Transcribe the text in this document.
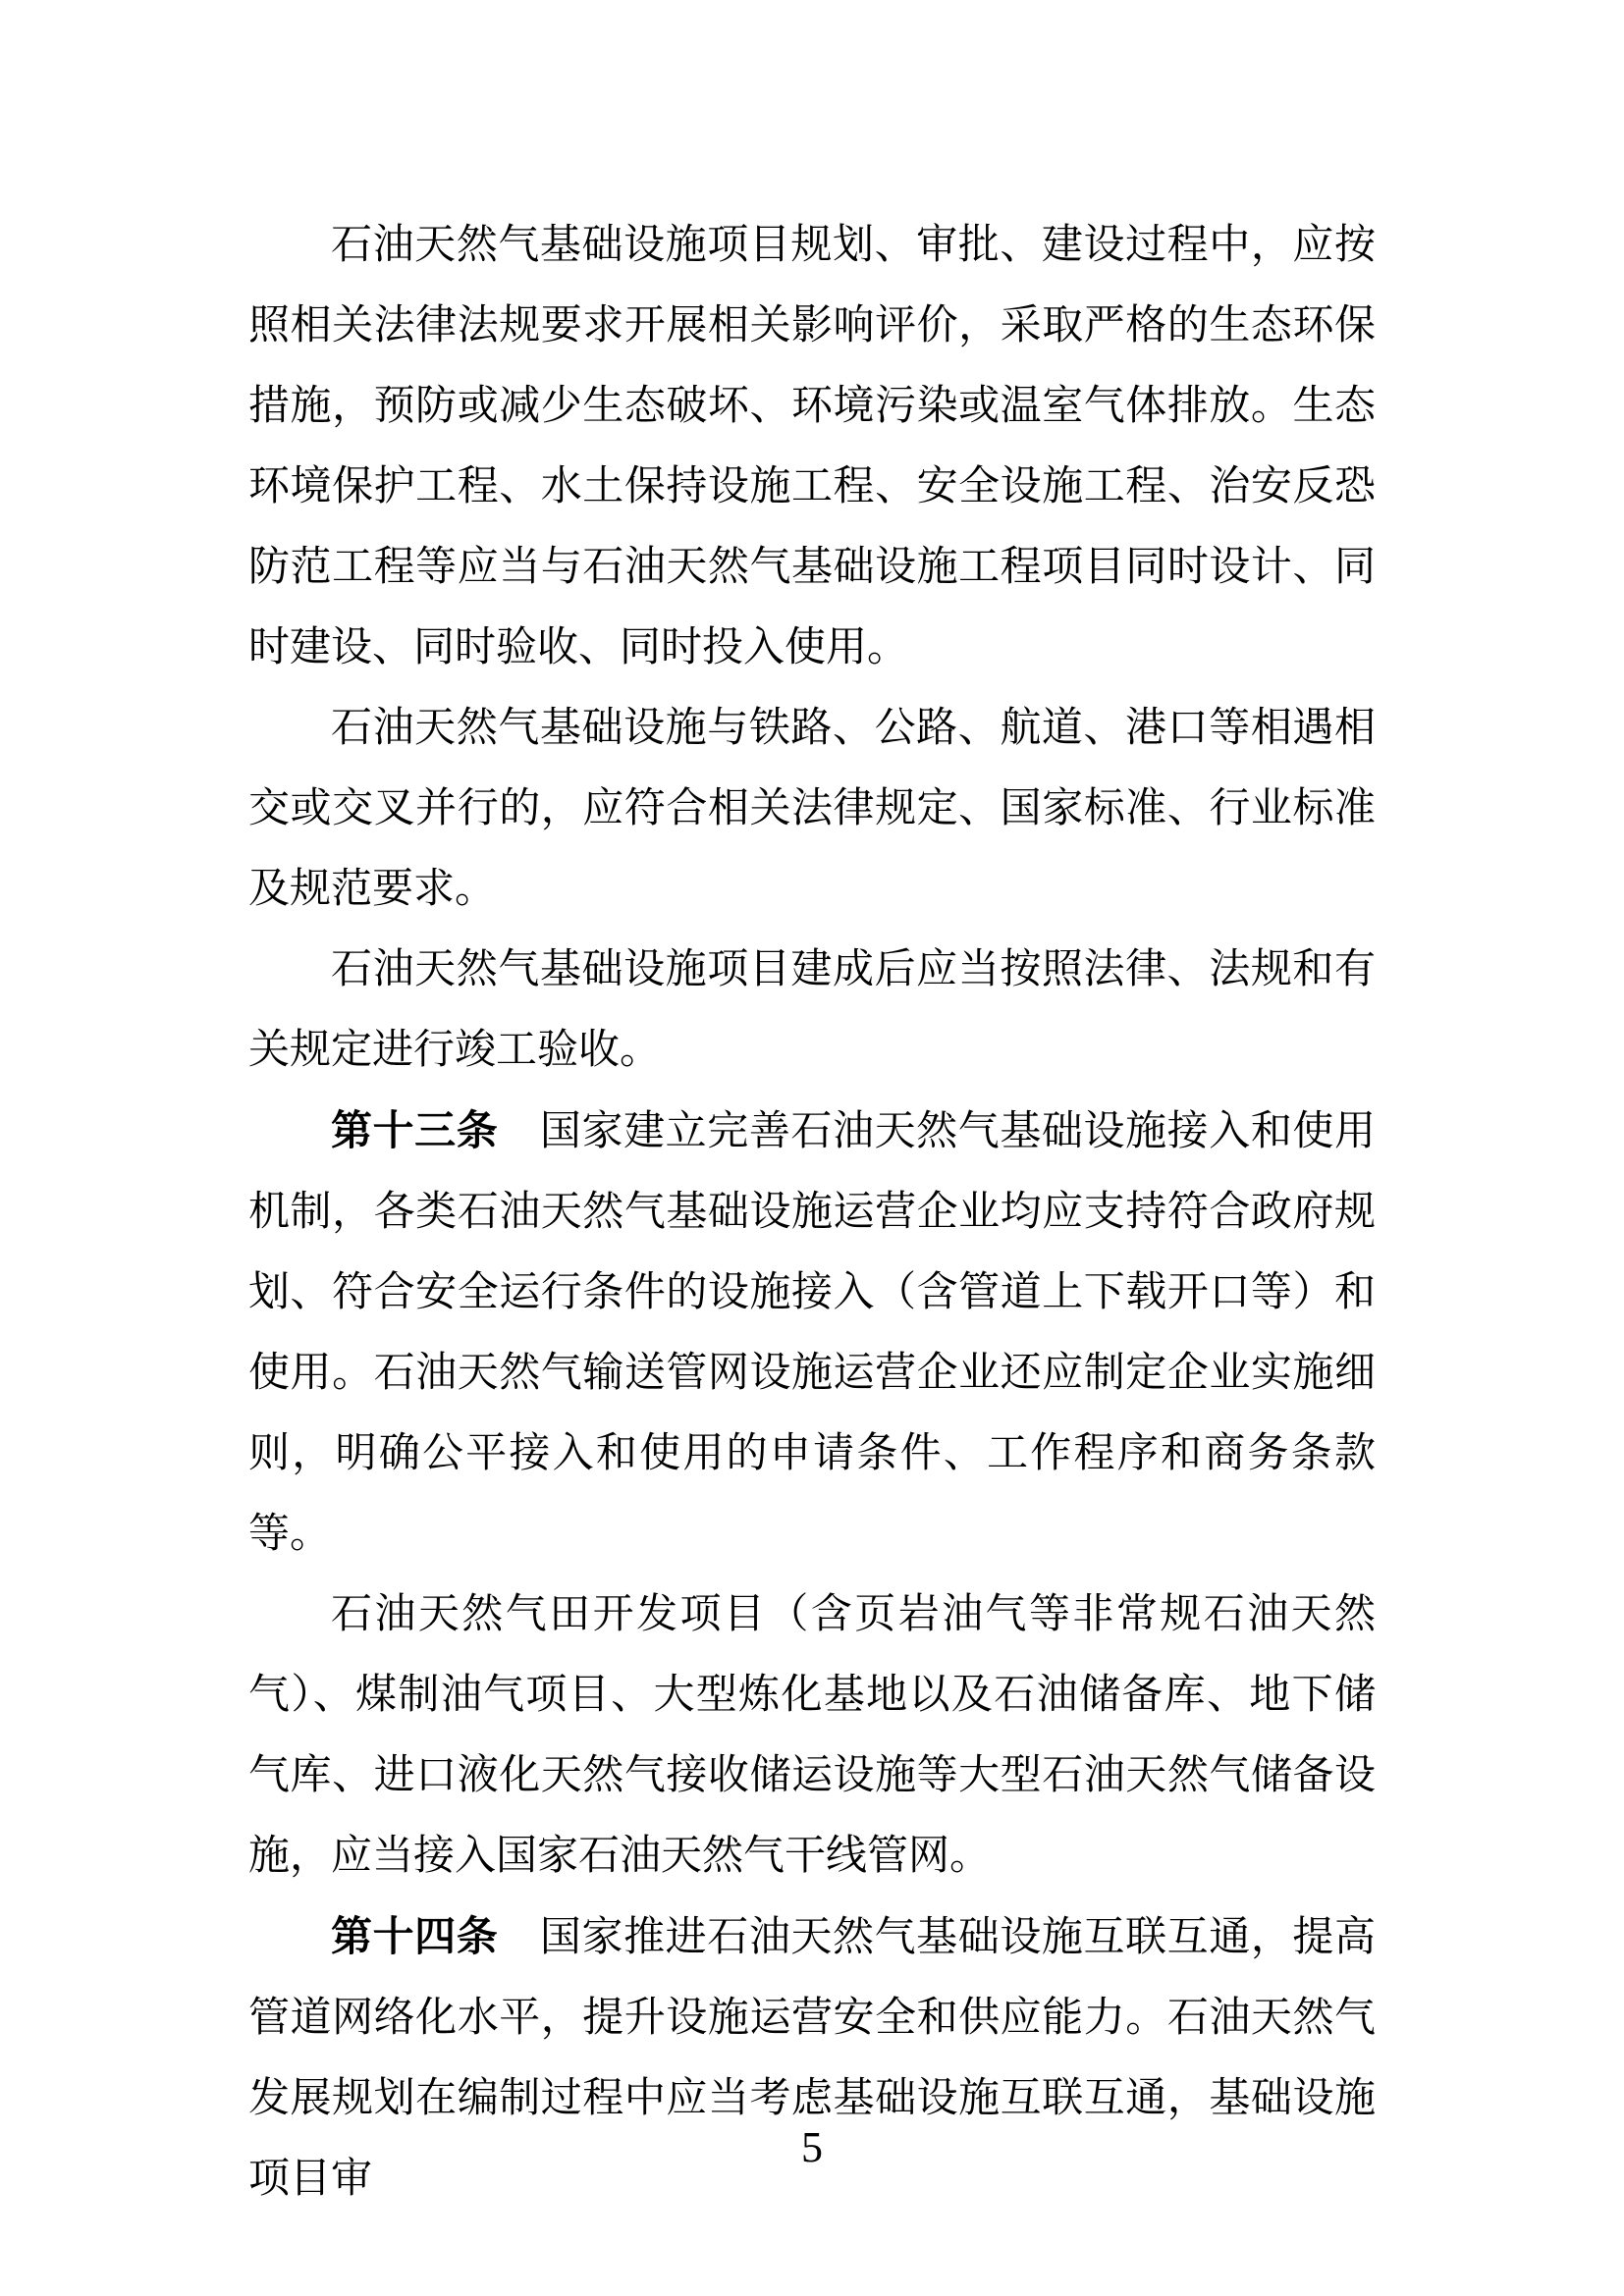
石油天然气基础设施项目规划、审批、建设过程中，应按照相关法律法规要求开展相关影响评价，采取严格的生态环保措施，预防或减少生态破坏、环境污染或温室气体排放。生态环境保护工程、水土保持设施工程、安全设施工程、治安反恐防范工程等应当与石油天然气基础设施工程项目同时设计、同时建设、同时验收、同时投入使用。

石油天然气基础设施与铁路、公路、航道、港口等相遇相交或交叉并行的，应符合相关法律规定、国家标准、行业标准及规范要求。

石油天然气基础设施项目建成后应当按照法律、法规和有关规定进行竣工验收。

第十三条　国家建立完善石油天然气基础设施接入和使用机制，各类石油天然气基础设施运营企业均应支持符合政府规划、符合安全运行条件的设施接入（含管道上下载开口等）和使用。石油天然气输送管网设施运营企业还应制定企业实施细则，明确公平接入和使用的申请条件、工作程序和商务条款等。

石油天然气田开发项目（含页岩油气等非常规石油天然气）、煤制油气项目、大型炼化基地以及石油储备库、地下储气库、进口液化天然气接收储运设施等大型石油天然气储备设施，应当接入国家石油天然气干线管网。

第十四条　国家推进石油天然气基础设施互联互通，提高管道网络化水平，提升设施运营安全和供应能力。石油天然气发展规划在编制过程中应当考虑基础设施互联互通，基础设施项目审

5
